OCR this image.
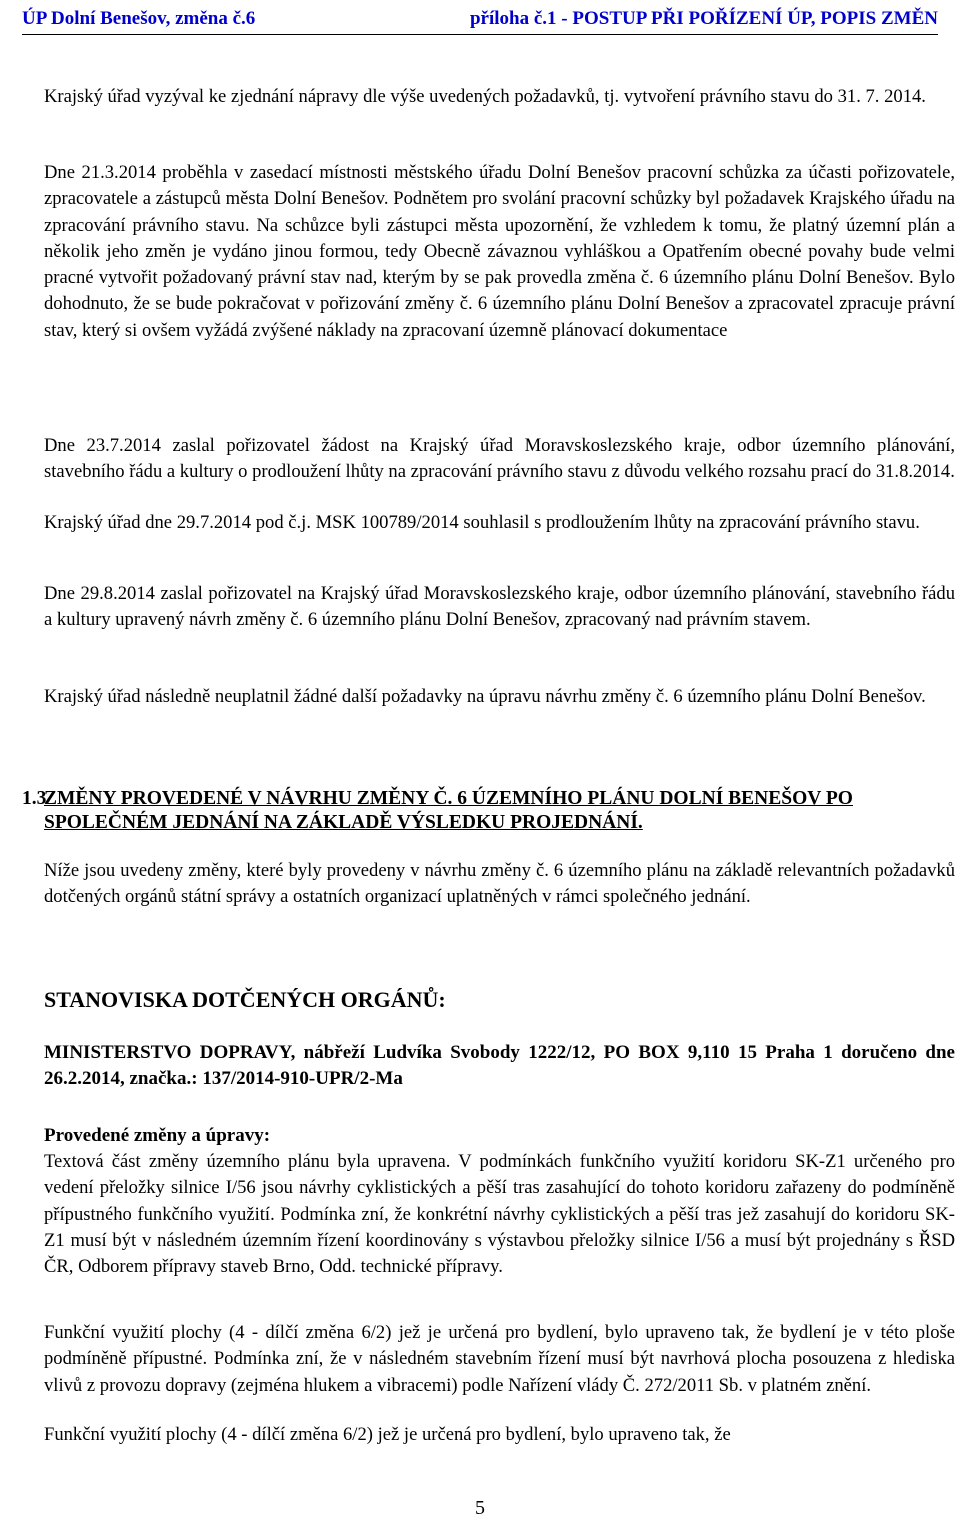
ÚP Dolní Benešov, změna č.6	příloha č.1 - POSTUP PŘI POŘÍZENÍ ÚP, POPIS ZMĚN

Krajský úřad vyzýval ke zjednání nápravy dle výše uvedených požadavků, tj. vytvoření právního stavu do 31. 7. 2014.

Dne 21.3.2014 proběhla v zasedací místnosti městského úřadu Dolní Benešov pracovní schůzka za účasti pořizovatele, zpracovatele a zástupců města Dolní Benešov. Podnětem pro svolání pracovní schůzky byl požadavek Krajského úřadu na zpracování právního stavu. Na schůzce byli zástupci města upozornění, že vzhledem k tomu, že platný územní plán a několik jeho změn je vydáno jinou formou, tedy Obecně závaznou vyhláškou a Opatřením obecné povahy bude velmi pracné vytvořit požadovaný právní stav nad, kterým by se pak provedla změna č. 6 územního plánu Dolní Benešov. Bylo dohodnuto, že se bude pokračovat v pořizování změny č. 6 územního plánu Dolní Benešov a zpracovatel zpracuje právní stav, který si ovšem vyžádá zvýšené náklady na zpracovaní územně plánovací dokumentace

Dne 23.7.2014 zaslal pořizovatel žádost na Krajský úřad Moravskoslezského kraje, odbor územního plánování, stavebního řádu a kultury o prodloužení lhůty na zpracování právního stavu z důvodu velkého rozsahu prací do 31.8.2014.

Krajský úřad dne 29.7.2014 pod č.j. MSK 100789/2014 souhlasil s prodloužením lhůty na zpracování právního stavu.

Dne 29.8.2014 zaslal pořizovatel na Krajský úřad Moravskoslezského kraje, odbor územního plánování, stavebního řádu a kultury upravený návrh změny č. 6 územního plánu Dolní Benešov, zpracovaný nad právním stavem.

Krajský úřad následně neuplatnil žádné další požadavky na úpravu návrhu změny č. 6 územního plánu Dolní Benešov.

1.3
ZMĚNY PROVEDENÉ V NÁVRHU ZMĚNY Č. 6 ÚZEMNÍHO PLÁNU DOLNÍ BENEŠOV PO SPOLEČNÉM JEDNÁNÍ NA ZÁKLADĚ VÝSLEDKU PROJEDNÁNÍ.

Níže jsou uvedeny změny, které byly provedeny v návrhu změny č. 6 územního plánu na základě relevantních požadavků dotčených orgánů státní správy a ostatních organizací uplatněných v rámci společného jednání.

STANOVISKA DOTČENÝCH ORGÁNŮ:
MINISTERSTVO DOPRAVY, nábřeží Ludvíka Svobody 1222/12, PO BOX 9,110 15 Praha 1 doručeno dne 26.2.2014, značka.: 137/2014-910-UPR/2-Ma
Provedené změny a úpravy:

Textová část změny územního plánu byla upravena. V podmínkách funkčního využití koridoru SK-Z1 určeného pro vedení přeložky silnice I/56 jsou návrhy cyklistických a pěší tras zasahující do tohoto koridoru zařazeny do podmíněně přípustného funkčního využití. Podmínka zní, že konkrétní návrhy cyklistických a pěší tras jež zasahují do koridoru SK-Z1 musí být v následném územním řízení koordinovány s výstavbou přeložky silnice I/56 a musí být projednány s ŘSD ČR, Odborem přípravy staveb Brno, Odd. technické přípravy.

Funkční využití plochy (4 - dílčí změna 6/2) jež je určená pro bydlení, bylo upraveno tak, že bydlení je v této ploše podmíněně přípustné. Podmínka zní, že v následném stavebním řízení musí být navrhová plocha posouzena z hlediska vlivů z provozu dopravy (zejména hlukem a vibracemi) podle Nařízení vlády Č. 272/2011 Sb. v platném znění.

Funkční využití plochy (4 - dílčí změna 6/2) jež je určená pro bydlení, bylo upraveno tak, že

5
